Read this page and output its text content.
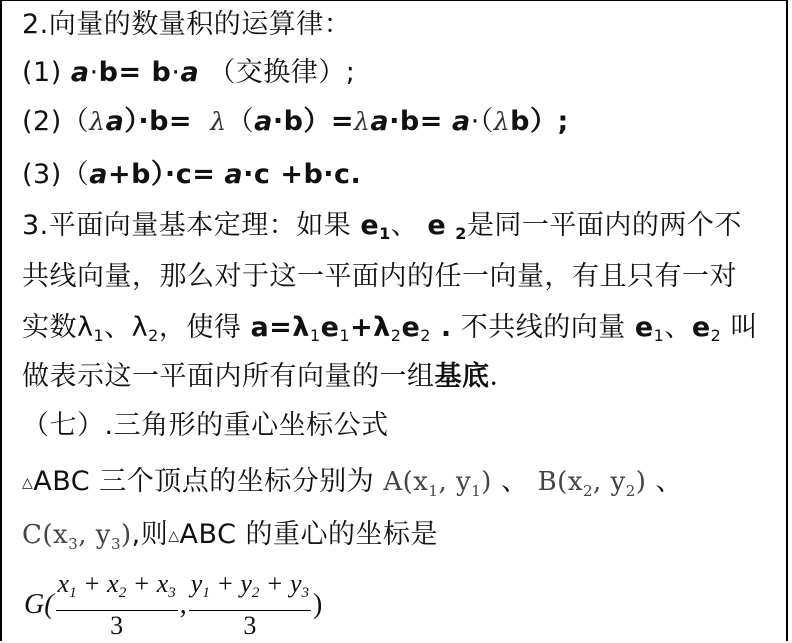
2.向量的数量积的运算律：
(1) a·b= b·a （交换律）;
(2)（λa）·b= λ（a·b）=λa·b= a·（λb）;
(3)（a+b）·c= a·c +b·c.
3.平面向量基本定理：如果 e1、 e 2是同一平面内的两个不
共线向量，那么对于这一平面内的任一向量，有且只有一对
实数$\lambda_1$、$\lambda_2$，使得 $a=\lambda_1e_1+\lambda_2e_2$ . 不共线的向量 $e_1$、$e_2$ 叫
做表示这一平面内所有向量的一组基底．
（七）.三角形的重心坐标公式
△ABC 三个顶点的坐标分别为 $A(x_1$, $y_1$) 、 $B(x_2$, $y_2$) 、
$C(x_3$, $y_3$),则△ABC 的重心的坐标是
$G( \frac{x_1 + x_2 + x_3}{3}$ , $\frac{y_1 + y_2 + y_3}{3}$ )
